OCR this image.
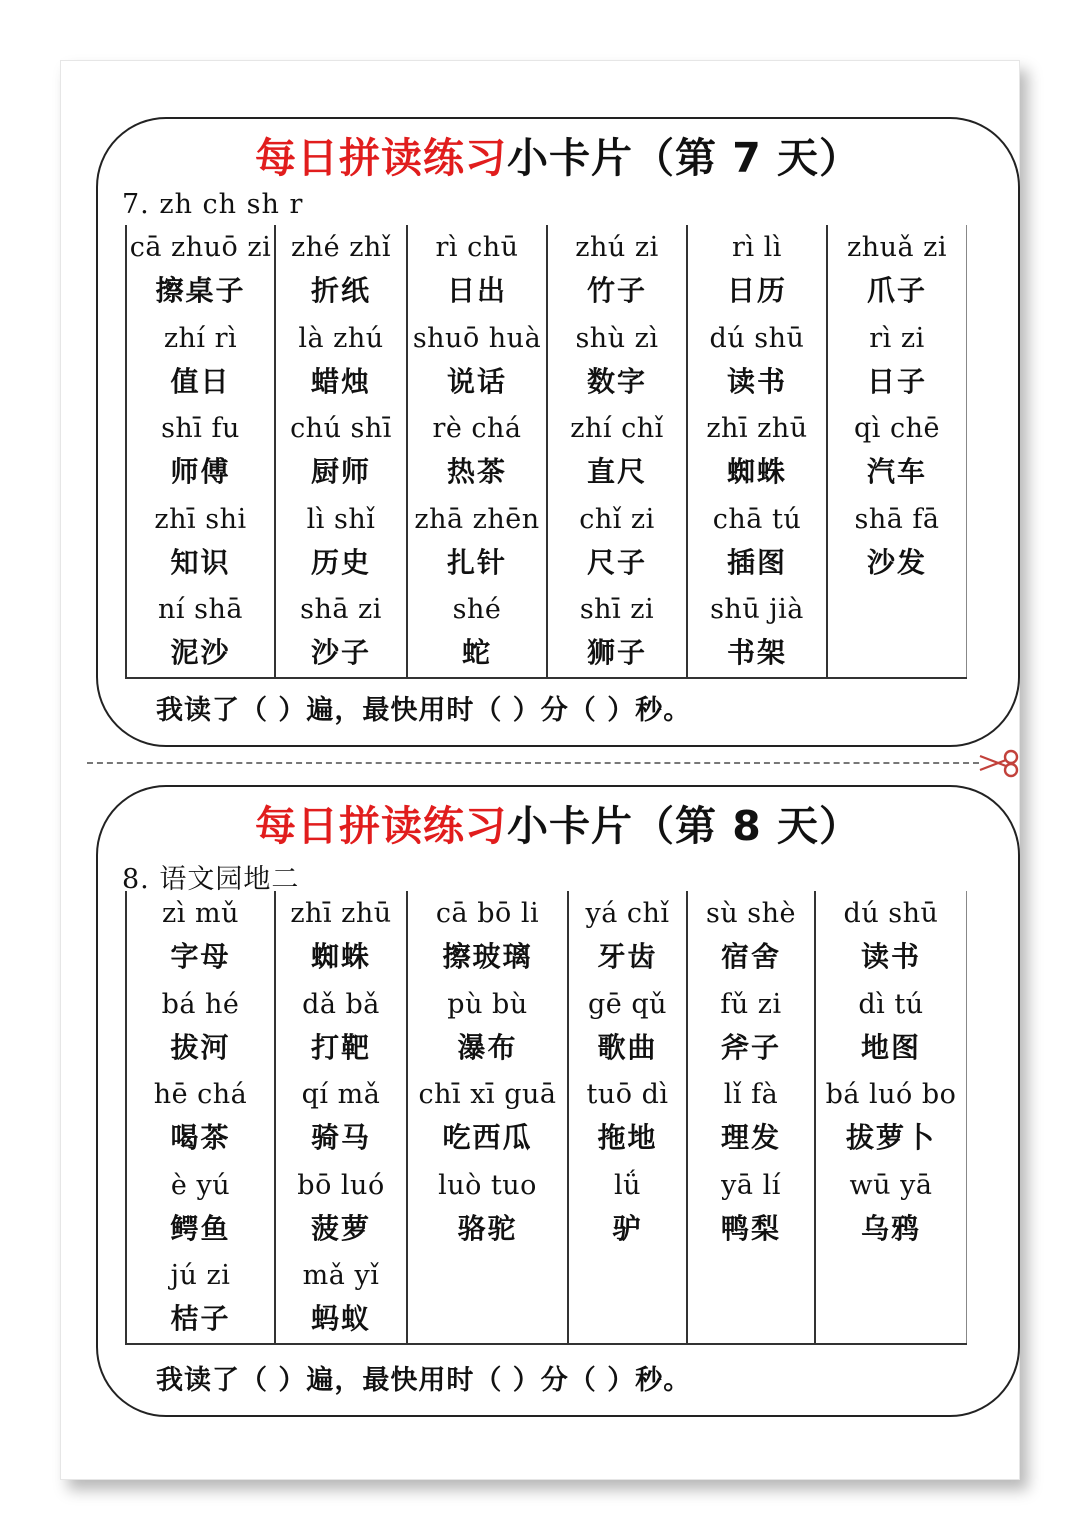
每日拼读练习小卡片（第 7 天）
7. zh ch sh r
cā zhuō zi
擦桌子
zhí rì
值日
shī fu
师傅
zhī shi
知识
ní shā
泥沙
zhé zhǐ
折纸
là zhú
蜡烛
chú shī
厨师
lì shǐ
历史
shā zi
沙子
rì chū
日出
shuō huà
说话
rè chá
热茶
zhā zhēn
扎针
shé
蛇
zhú zi
竹子
shù zì
数字
zhí chǐ
直尺
chǐ zi
尺子
shī zi
狮子
rì lì
日历
dú shū
读书
zhī zhū
蜘蛛
chā tú
插图
shū jià
书架
zhuǎ zi
爪子
rì zi
日子
qì chē
汽车
shā fā
沙发
我读了（ ）遍，最快用时（ ）分（ ）秒。
每日拼读练习小卡片（第 8 天）
8. 语文园地二
zì mǔ
字母
bá hé
拔河
hē chá
喝茶
è yú
鳄鱼
jú zi
桔子
zhī zhū
蜘蛛
dǎ bǎ
打靶
qí mǎ
骑马
bō luó
菠萝
mǎ yǐ
蚂蚁
cā bō li
擦玻璃
pù bù
瀑布
chī xī guā
吃西瓜
luò tuo
骆驼
yá chǐ
牙齿
gē qǔ
歌曲
tuō dì
拖地
lǘ
驴
sù shè
宿舍
fǔ zi
斧子
lǐ fà
理发
yā lí
鸭梨
dú shū
读书
dì tú
地图
bá luó bo
拔萝卜
wū yā
乌鸦
我读了（ ）遍，最快用时（ ）分（ ）秒。
